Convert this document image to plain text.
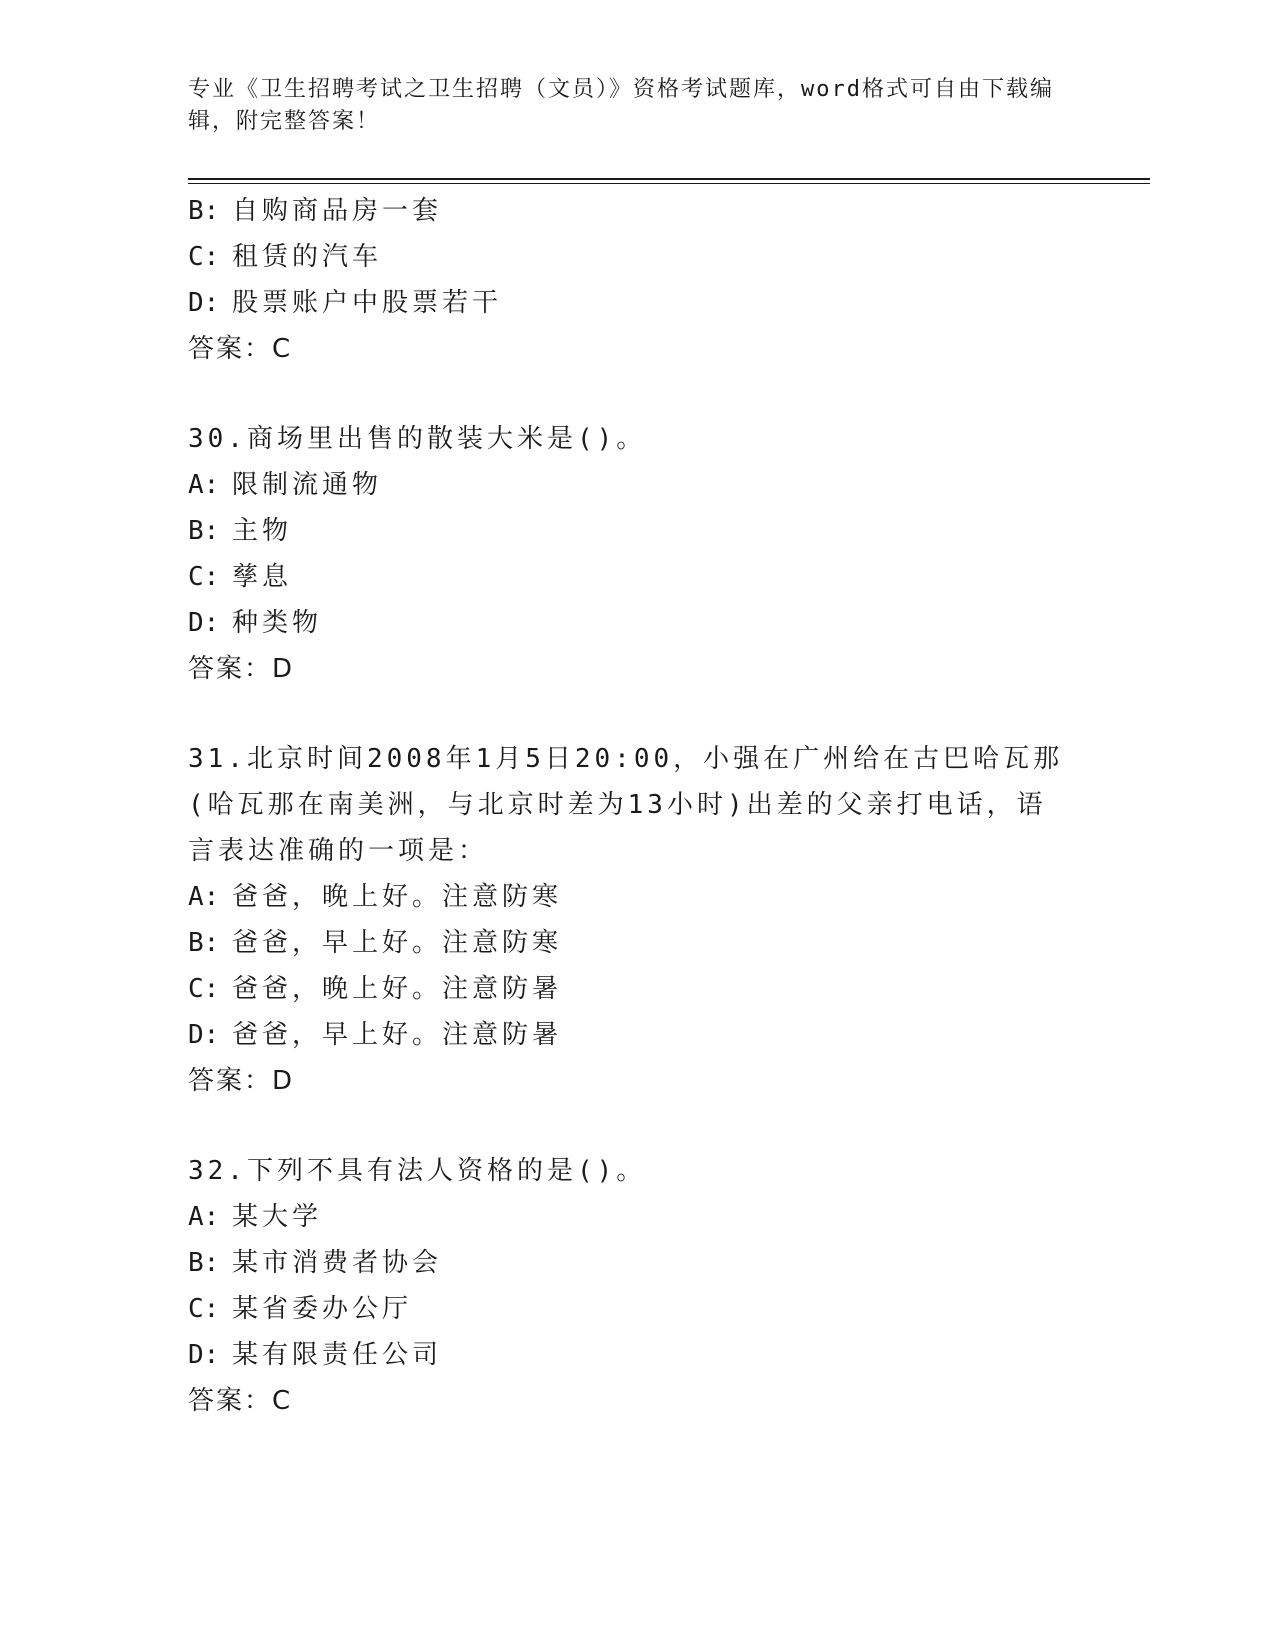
专业《卫生招聘考试之卫生招聘（文员）》资格考试题库，word格式可自由下载编辑，附完整答案！
B: 自购商品房一套
C: 租赁的汽车
D: 股票账户中股票若干
答案：C
30.商场里出售的散装大米是()。
A: 限制流通物
B: 主物
C: 孳息
D: 种类物
答案：D
31.北京时间2008年1月5日20:00，小强在广州给在古巴哈瓦那(哈瓦那在南美洲，与北京时差为13小时)出差的父亲打电话，语言表达准确的一项是：
A: 爸爸，晚上好。注意防寒
B: 爸爸，早上好。注意防寒
C: 爸爸，晚上好。注意防暑
D: 爸爸，早上好。注意防暑
答案：D
32.下列不具有法人资格的是()。
A: 某大学
B: 某市消费者协会
C: 某省委办公厅
D: 某有限责任公司
答案：C
